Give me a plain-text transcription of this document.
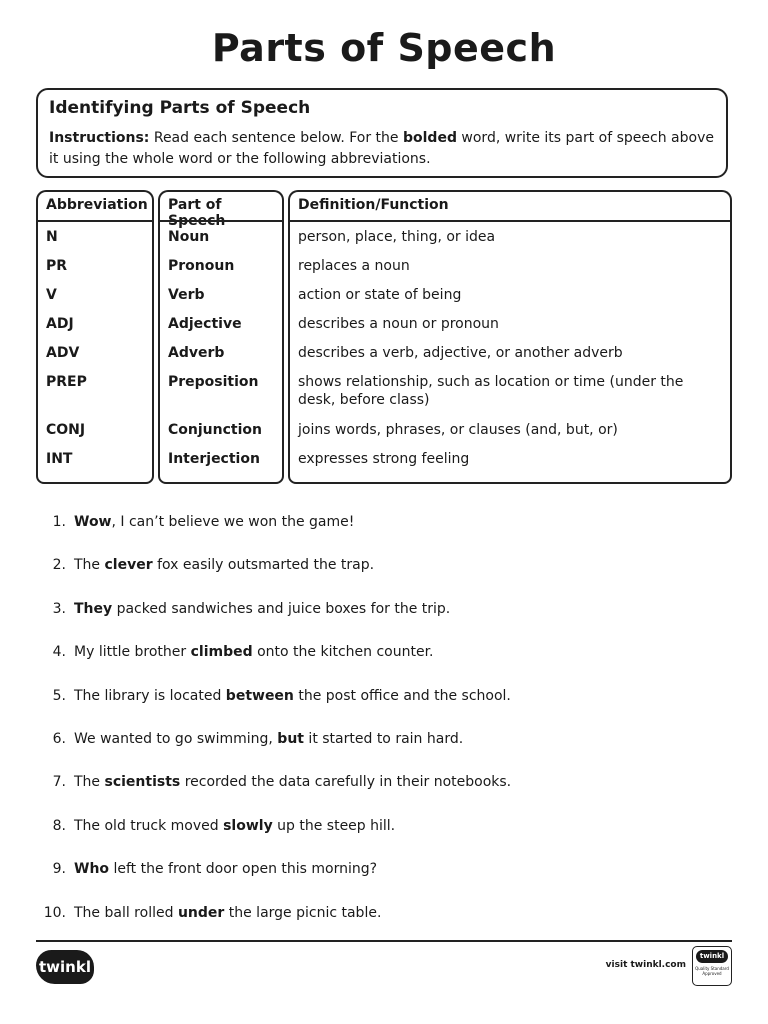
Parts of Speech
Identifying Parts of Speech
Instructions: Read each sentence below. For the bolded word, write its part of speech above it using the whole word or the following abbreviations.
Abbreviation	Part of Speech
Definition/Function
N
PR
V
ADJ
ADV
PREP
CONJ
INT
Noun
Pronoun
Verb
Adjective
Adverb
Preposition
Conjunction
Interjection
person, place, thing, or idea
replaces a noun
action or state of being
describes a noun or pronoun
describes a verb, adjective, or another adverb
shows relationship, such as location or time (under the desk, before class)
joins words, phrases, or clauses (and, but, or)
expresses strong feeling
1. Wow, I can’t believe we won the game!
2. The clever fox easily outsmarted the trap.
3. They packed sandwiches and juice boxes for the trip.
4. My little brother climbed onto the kitchen counter.
5. The library is located between the post office and the school.
6. We wanted to go swimming, but it started to rain hard.
7. The scientists recorded the data carefully in their notebooks.
8. The old truck moved slowly up the steep hill.
9. Who left the front door open this morning?
10. The ball rolled under the large picnic table.
twinkl	visit twinkl.com
twinkl
Quality Standard Approved
